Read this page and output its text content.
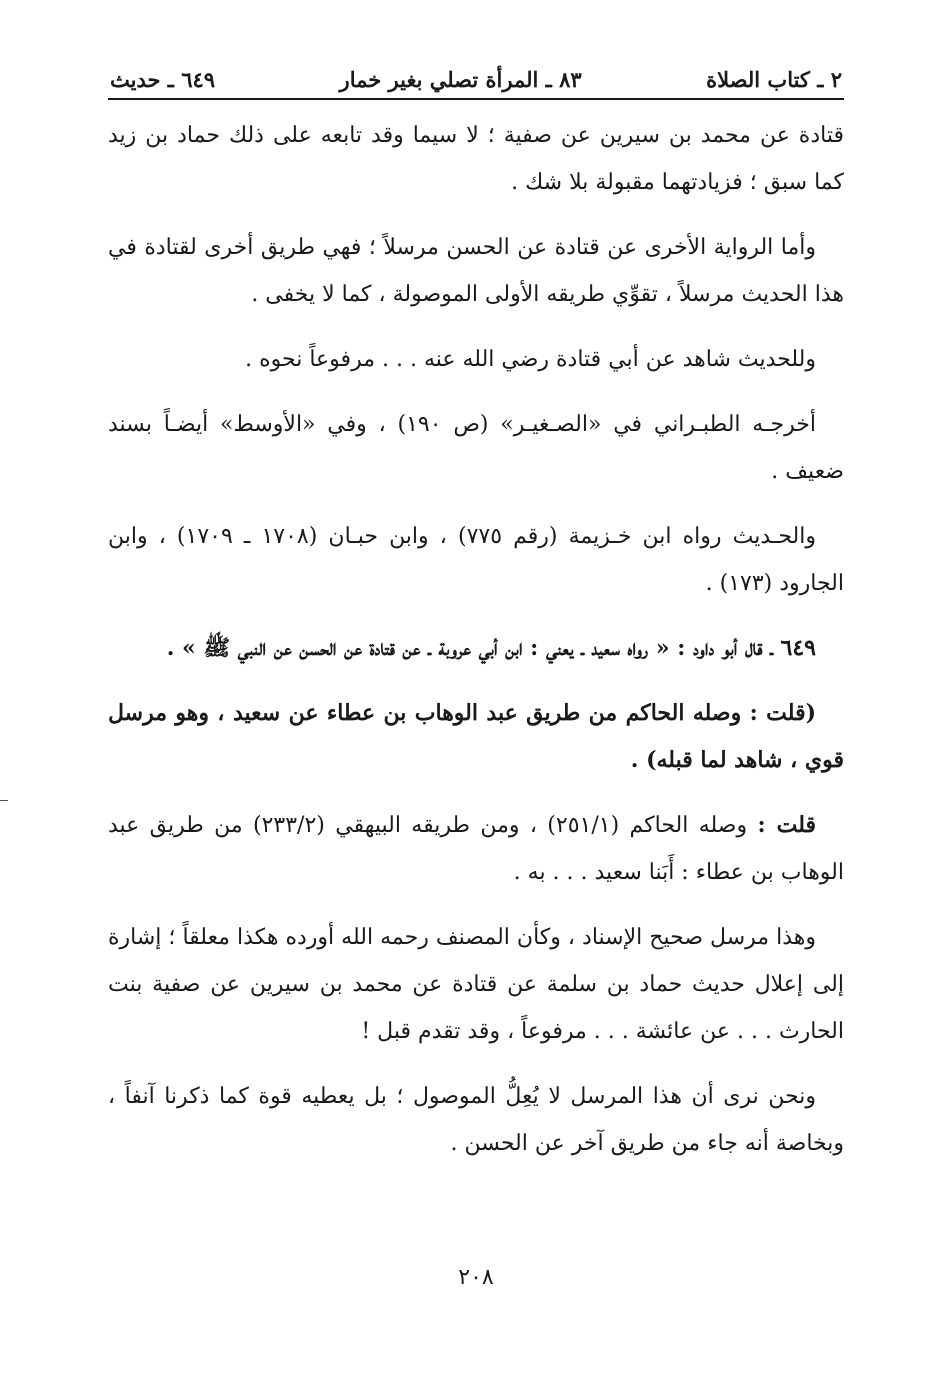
٢ ـ كتاب الصلاة
٨٣ ـ المرأة تصلي بغير خمار
٦٤٩ ـ حديث

قتادة عن محمد بن سيرين عن صفية ؛ لا سيما وقد تابعه على ذلك حماد بن زيد كما سبق ؛ فزيادتهما مقبولة بلا شك .

وأما الرواية الأخرى عن قتادة عن الحسن مرسلاً ؛ فهي طريق أخرى لقتادة في هذا الحديث مرسلاً ، تقوِّي طريقه الأولى الموصولة ، كما لا يخفى .

وللحديث شاهد عن أبي قتادة رضي الله عنه . . . مرفوعاً نحوه .

أخرجـه الطبـراني في «الصـغيـر» (ص ١٩٠) ، وفي «الأوسط» أيضـاً بسند ضعيف .

والحـديث رواه ابن خـزيمة (رقم ٧٧٥) ، وابن حبـان (١٧٠٨ ـ ١٧٠٩) ، وابن الجارود (١٧٣) .

٦٤٩ ـ قال أبو داود : « رواه سعيد ـ يعني : ابن أبي عروبة ـ عن قتادة عن الحسن عن النبي ﷺ » .

(قلت : وصله الحاكم من طريق عبد الوهاب بن عطاء عن سعيد ، وهو مرسل قوي ، شاهد لما قبله) .

قلت : وصله الحاكم (٢٥١/١) ، ومن طريقه البيهقي (٢٣٣/٢) من طريق عبد الوهاب بن عطاء : أَبَنا سعيد . . . به .

وهذا مرسل صحيح الإسناد ، وكأن المصنف رحمه الله أورده هكذا معلقاً ؛ إشارة إلى إعلال حديث حماد بن سلمة عن قتادة عن محمد بن سيرين عن صفية بنت الحارث . . . عن عائشة . . . مرفوعاً ، وقد تقدم قبل !

ونحن نرى أن هذا المرسل لا يُعِلُّ الموصول ؛ بل يعطيه قوة كما ذكرنا آنفاً ، وبخاصة أنه جاء من طريق آخر عن الحسن .

٢٠٨
